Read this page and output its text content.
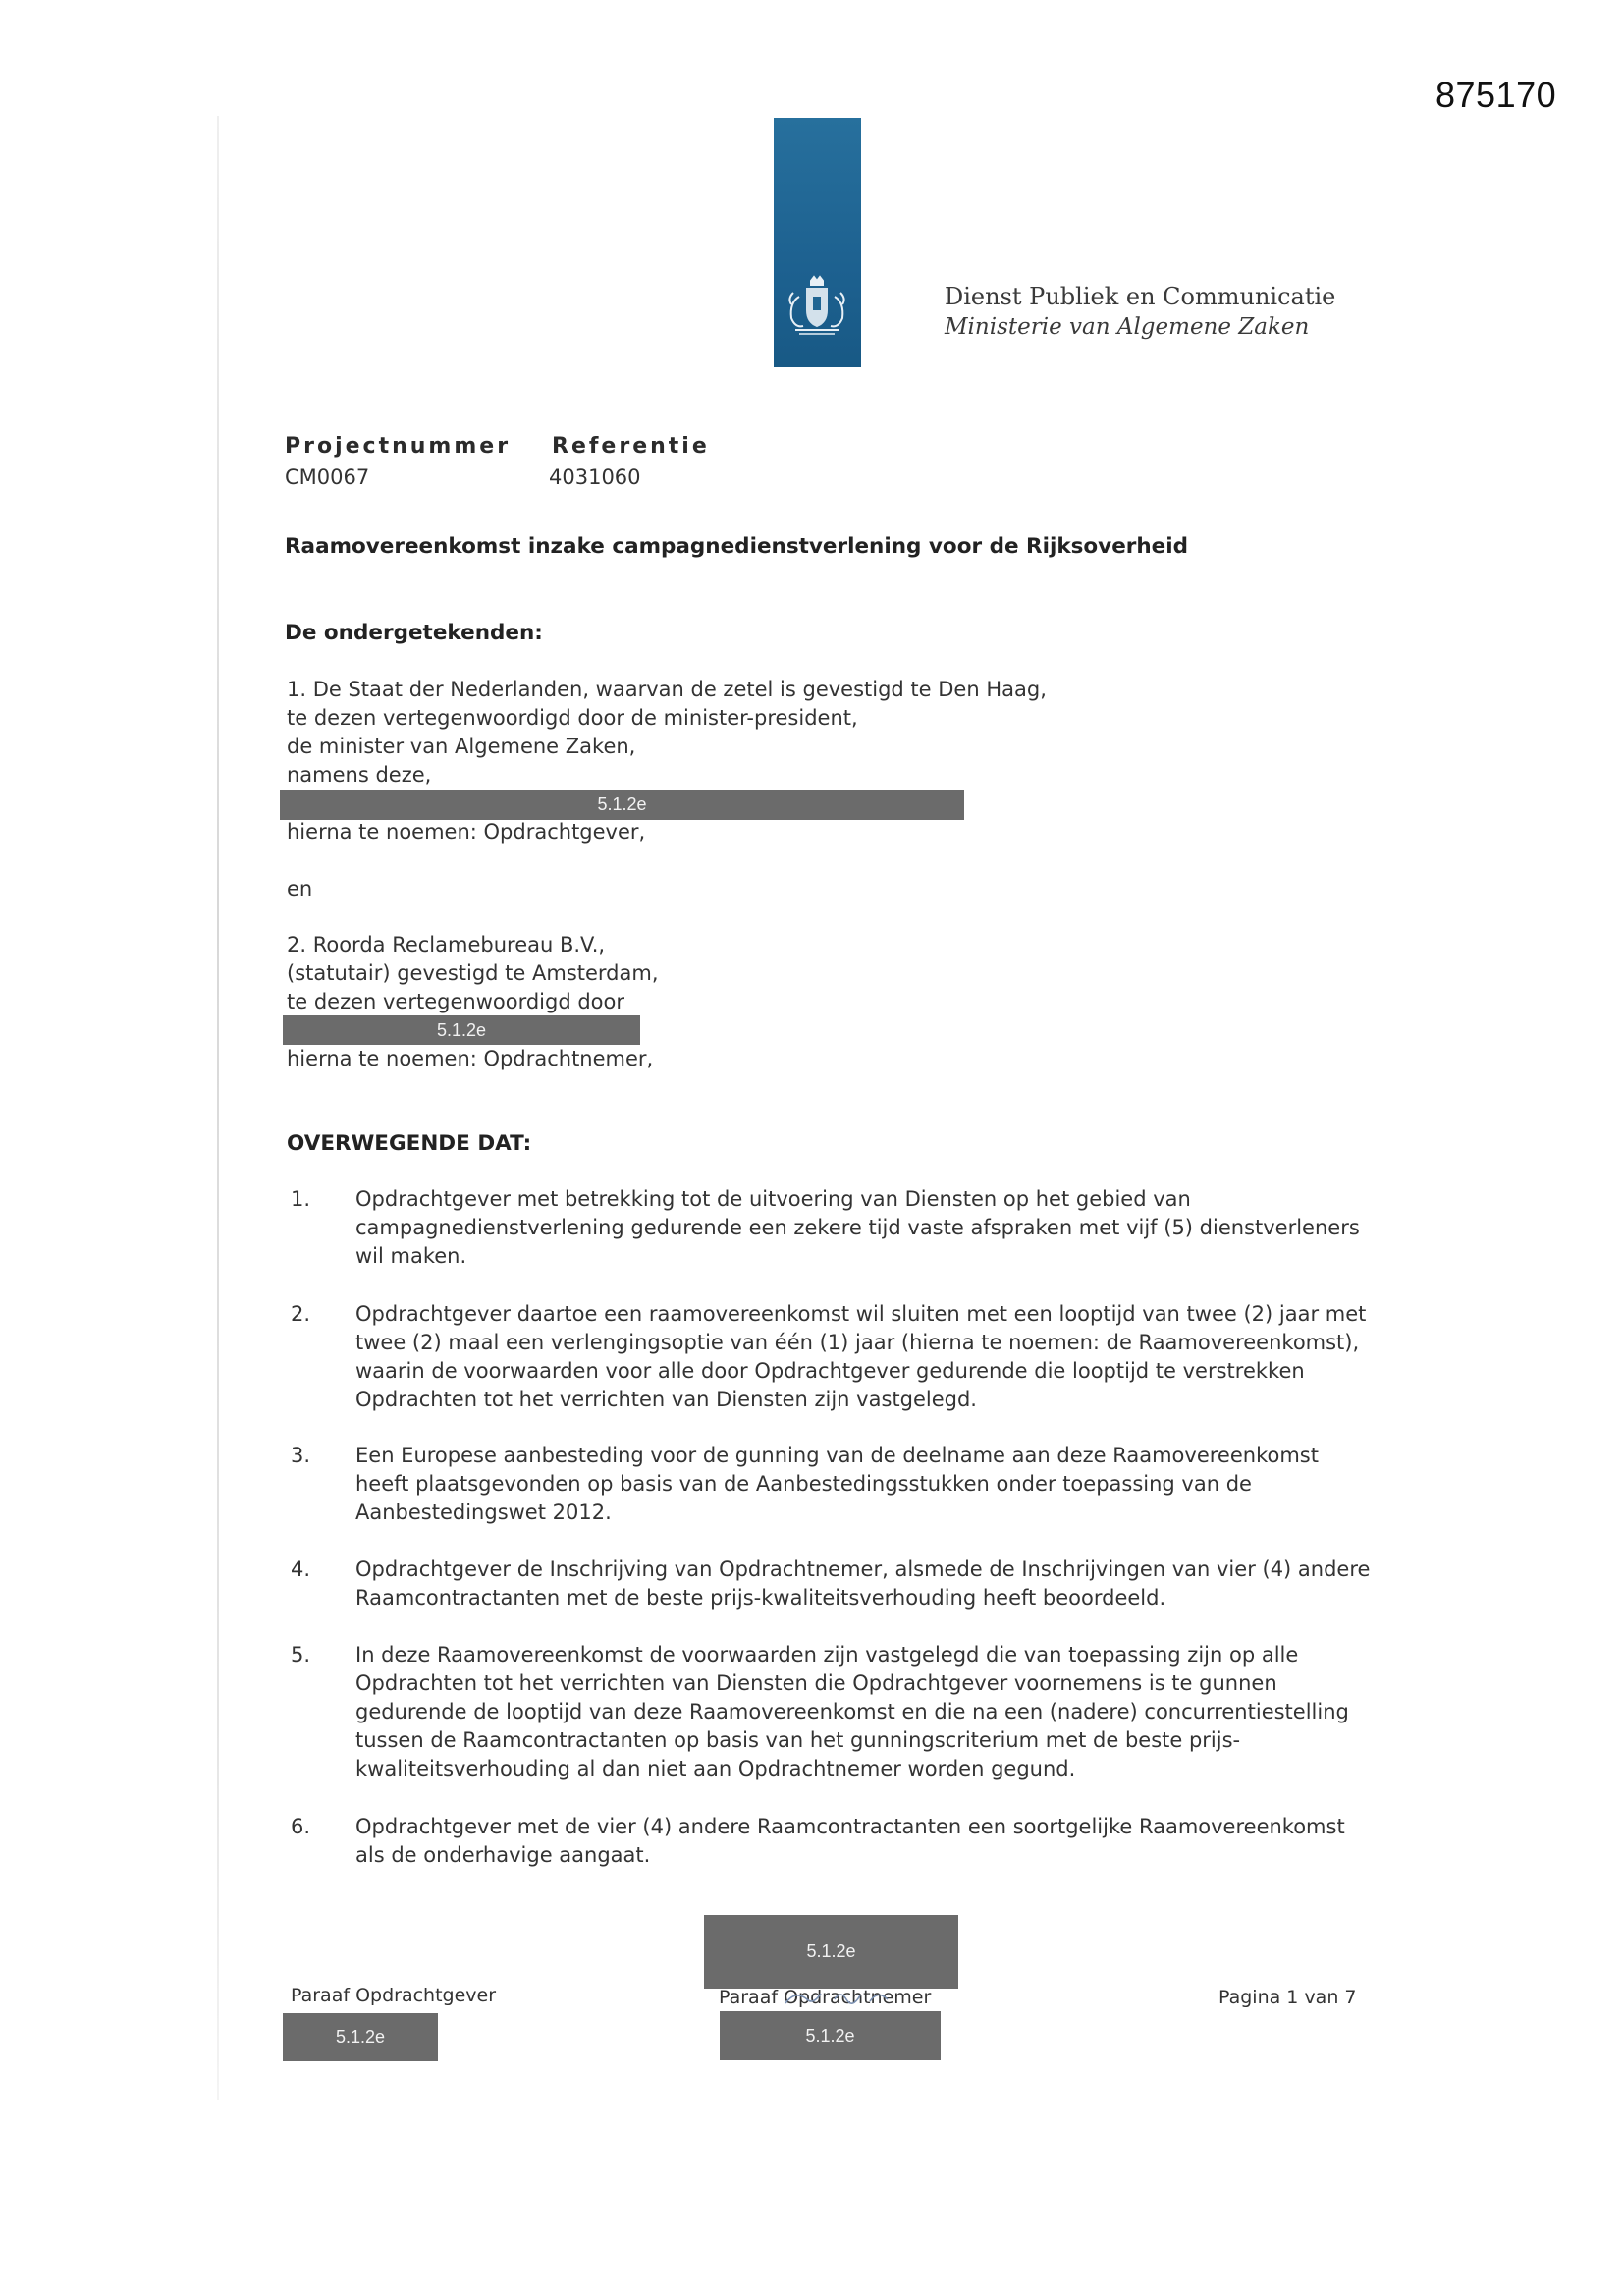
875170
Dienst Publiek en Communicatie
Ministerie van Algemene Zaken
Projectnummer
CM0067
Referentie
4031060
Raamovereenkomst inzake campagnedienstverlening voor de Rijksoverheid
De ondergetekenden:
1. De Staat der Nederlanden, waarvan de zetel is gevestigd te Den Haag,
te dezen vertegenwoordigd door de minister-president,
de minister van Algemene Zaken,
namens deze,
5.1.2e
hierna te noemen: Opdrachtgever,
en
2. Roorda Reclamebureau B.V.,
(statutair) gevestigd te Amsterdam,
te dezen vertegenwoordigd door
5.1.2e
hierna te noemen: Opdrachtnemer,
OVERWEGENDE DAT:
1. Opdrachtgever met betrekking tot de uitvoering van Diensten op het gebied van campagnedienstverlening gedurende een zekere tijd vaste afspraken met vijf (5) dienstverleners wil maken.
2. Opdrachtgever daartoe een raamovereenkomst wil sluiten met een looptijd van twee (2) jaar met twee (2) maal een verlengingsoptie van één (1) jaar (hierna te noemen: de Raamovereenkomst), waarin de voorwaarden voor alle door Opdrachtgever gedurende die looptijd te verstrekken Opdrachten tot het verrichten van Diensten zijn vastgelegd.
3. Een Europese aanbesteding voor de gunning van de deelname aan deze Raamovereenkomst heeft plaatsgevonden op basis van de Aanbestedingsstukken onder toepassing van de Aanbestedingswet 2012.
4. Opdrachtgever de Inschrijving van Opdrachtnemer, alsmede de Inschrijvingen van vier (4) andere Raamcontractanten met de beste prijs-kwaliteitsverhouding heeft beoordeeld.
5. In deze Raamovereenkomst de voorwaarden zijn vastgelegd die van toepassing zijn op alle Opdrachten tot het verrichten van Diensten die Opdrachtgever voornemens is te gunnen gedurende de looptijd van deze Raamovereenkomst en die na een (nadere) concurrentiestelling tussen de Raamcontractanten op basis van het gunningscriterium met de beste prijs-kwaliteitsverhouding al dan niet aan Opdrachtnemer worden gegund.
6. Opdrachtgever met de vier (4) andere Raamcontractanten een soortgelijke Raamovereenkomst als de onderhavige aangaat.
5.1.2e
Paraaf Opdrachtgever	Paraaf Opdrachtnemer	Pagina 1 van 7
5.1.2e	5.1.2e
